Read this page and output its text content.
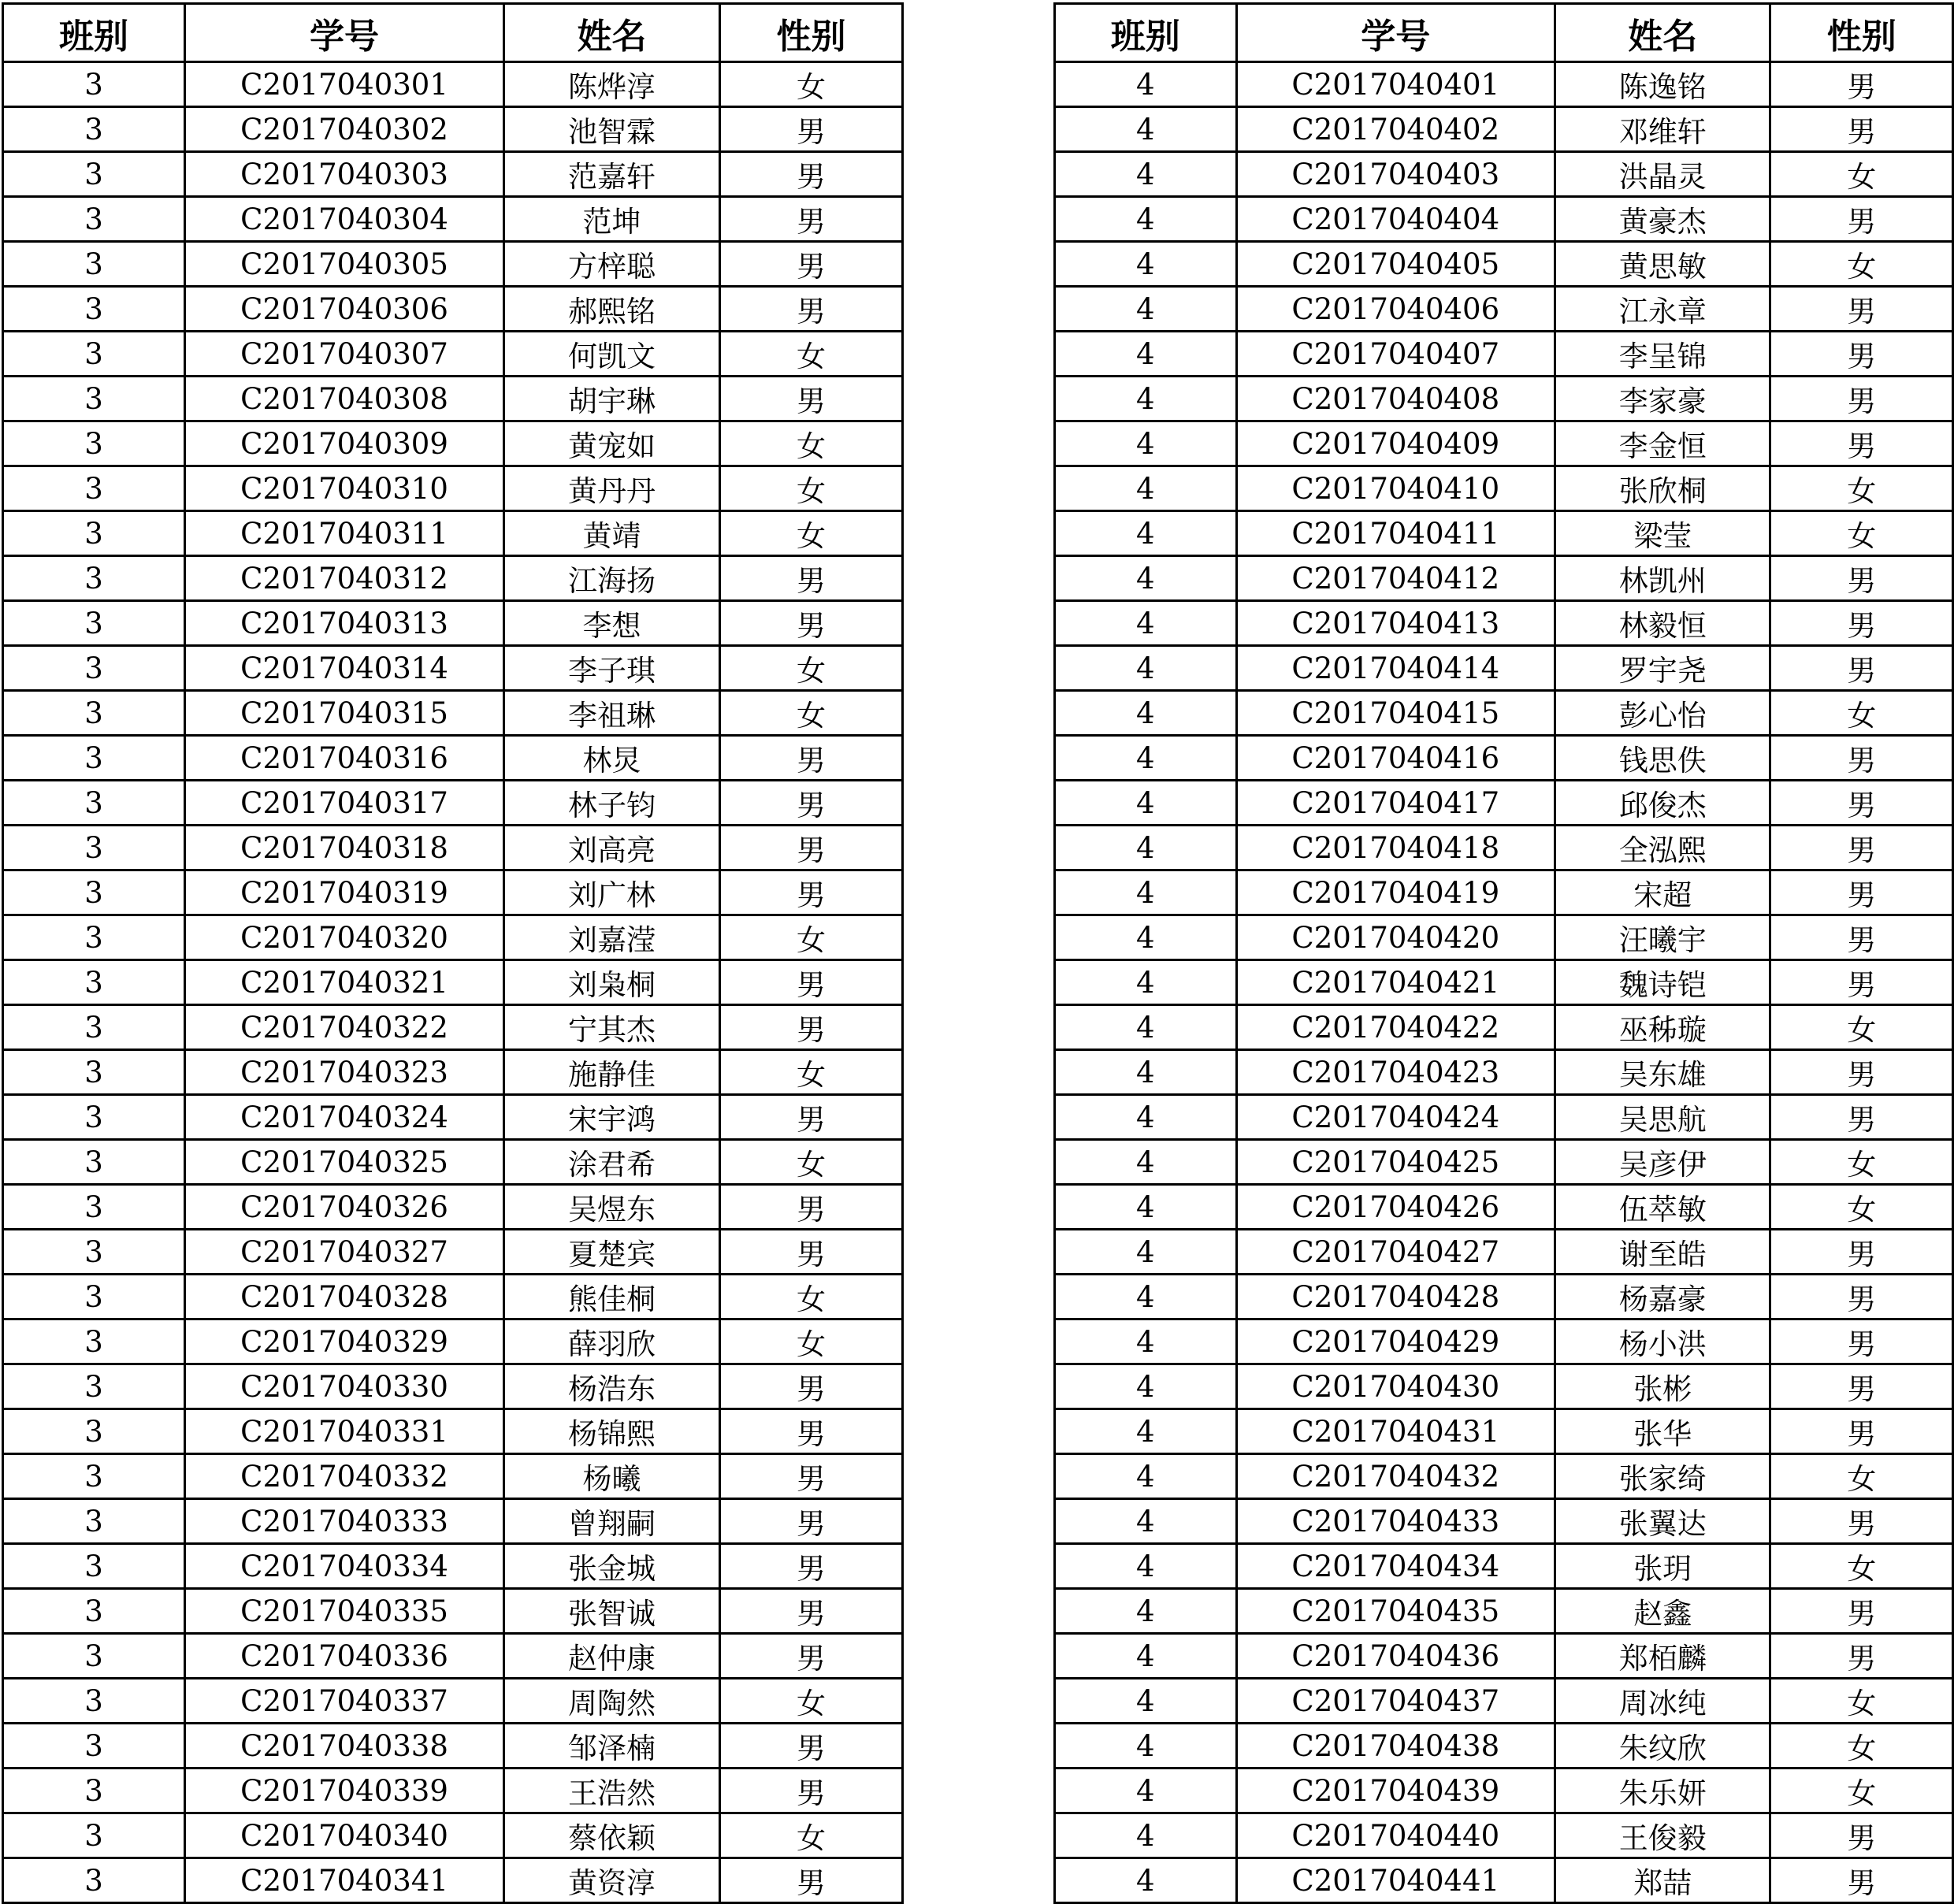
班别	学号	姓名	性别
3	C2017040301	陈烨淳	女
3	C2017040302	池智霖	男
3	C2017040303	范嘉轩	男
3	C2017040304	范坤	男
3	C2017040305	方梓聪	男
3	C2017040306	郝熙铭	男
3	C2017040307	何凯文	女
3	C2017040308	胡宇琳	男
3	C2017040309	黄宠如	女
3	C2017040310	黄丹丹	女
3	C2017040311	黄靖	女
3	C2017040312	江海扬	男
3	C2017040313	李想	男
3	C2017040314	李子琪	女
3	C2017040315	李祖琳	女
3	C2017040316	林炅	男
3	C2017040317	林子钧	男
3	C2017040318	刘高亮	男
3	C2017040319	刘广林	男
3	C2017040320	刘嘉滢	女
3	C2017040321	刘枭桐	男
3	C2017040322	宁其杰	男
3	C2017040323	施静佳	女
3	C2017040324	宋宇鸿	男
3	C2017040325	涂君希	女
3	C2017040326	吴煜东	男
3	C2017040327	夏楚宾	男
3	C2017040328	熊佳桐	女
3	C2017040329	薛羽欣	女
3	C2017040330	杨浩东	男
3	C2017040331	杨锦熙	男
3	C2017040332	杨曦	男
3	C2017040333	曾翔嗣	男
3	C2017040334	张金城	男
3	C2017040335	张智诚	男
3	C2017040336	赵仲康	男
3	C2017040337	周陶然	女
3	C2017040338	邹泽楠	男
3	C2017040339	王浩然	男
3	C2017040340	蔡依颖	女
3	C2017040341	黄资淳	男
班别	学号	姓名	性别
4	C2017040401	陈逸铭	男
4	C2017040402	邓维轩	男
4	C2017040403	洪晶灵	女
4	C2017040404	黄豪杰	男
4	C2017040405	黄思敏	女
4	C2017040406	江永章	男
4	C2017040407	李呈锦	男
4	C2017040408	李家豪	男
4	C2017040409	李金恒	男
4	C2017040410	张欣桐	女
4	C2017040411	梁莹	女
4	C2017040412	林凯州	男
4	C2017040413	林毅恒	男
4	C2017040414	罗宇尧	男
4	C2017040415	彭心怡	女
4	C2017040416	钱思佚	男
4	C2017040417	邱俊杰	男
4	C2017040418	全泓熙	男
4	C2017040419	宋超	男
4	C2017040420	汪曦宇	男
4	C2017040421	魏诗铠	男
4	C2017040422	巫秭璇	女
4	C2017040423	吴东雄	男
4	C2017040424	吴思航	男
4	C2017040425	吴彦伊	女
4	C2017040426	伍萃敏	女
4	C2017040427	谢至皓	男
4	C2017040428	杨嘉豪	男
4	C2017040429	杨小洪	男
4	C2017040430	张彬	男
4	C2017040431	张华	男
4	C2017040432	张家绮	女
4	C2017040433	张翼达	男
4	C2017040434	张玥	女
4	C2017040435	赵鑫	男
4	C2017040436	郑栢麟	男
4	C2017040437	周冰纯	女
4	C2017040438	朱纹欣	女
4	C2017040439	朱乐妍	女
4	C2017040440	王俊毅	男
4	C2017040441	郑喆	男
